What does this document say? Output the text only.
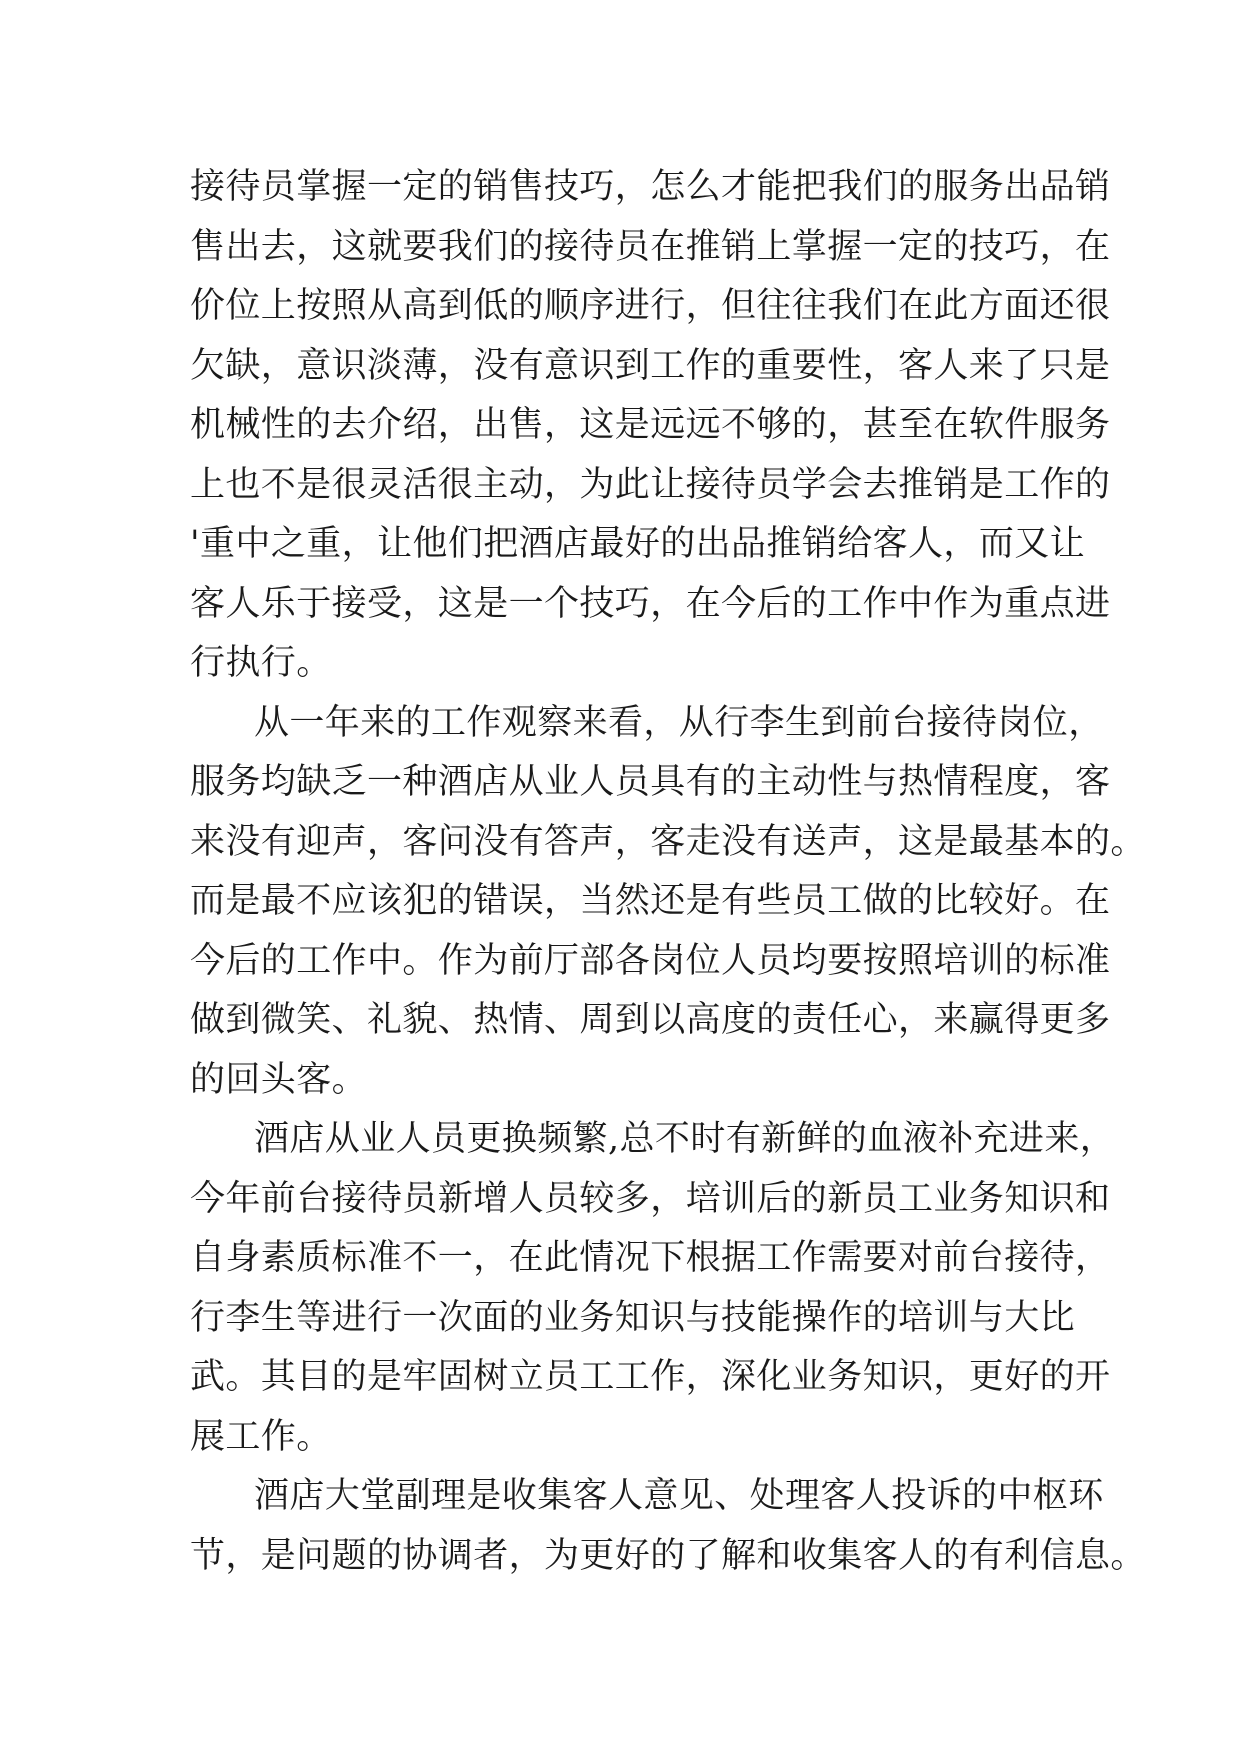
接待员掌握一定的销售技巧，怎么才能把我们的服务出品销
售出去，这就要我们的接待员在推销上掌握一定的技巧，在
价位上按照从高到低的顺序进行，但往往我们在此方面还很
欠缺，意识淡薄，没有意识到工作的重要性，客人来了只是
机械性的去介绍，出售，这是远远不够的，甚至在软件服务
上也不是很灵活很主动，为此让接待员学会去推销是工作的
'重中之重，让他们把酒店最好的出品推销给客人，而又让
客人乐于接受，这是一个技巧，在今后的工作中作为重点进
行执行。
从一年来的工作观察来看，从行李生到前台接待岗位，
服务均缺乏一种酒店从业人员具有的主动性与热情程度，客
来没有迎声，客问没有答声，客走没有送声，这是最基本的。
而是最不应该犯的错误，当然还是有些员工做的比较好。在
今后的工作中。作为前厅部各岗位人员均要按照培训的标准
做到微笑、礼貌、热情、周到以高度的责任心，来赢得更多
的回头客。
酒店从业人员更换频繁,总不时有新鲜的血液补充进来，
今年前台接待员新增人员较多，培训后的新员工业务知识和
自身素质标准不一，在此情况下根据工作需要对前台接待，
行李生等进行一次面的业务知识与技能操作的培训与大比
武。其目的是牢固树立员工工作，深化业务知识，更好的开
展工作。
酒店大堂副理是收集客人意见、处理客人投诉的中枢环
节，是问题的协调者，为更好的了解和收集客人的有利信息。
